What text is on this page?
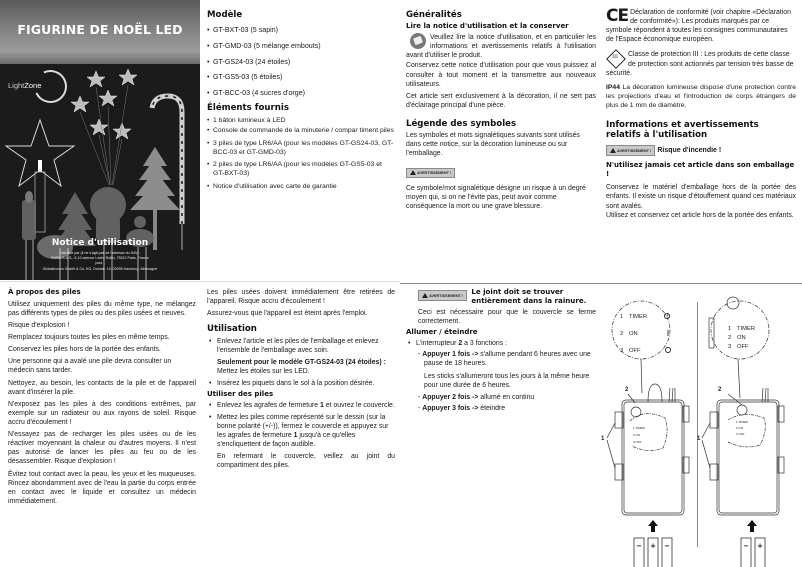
FIGURINE DE NOËL LED
LightZone
Notice d'utilisation
Distribué par (il ne s'agit pas de l'adresse du SAV) :
PMRA S.A.S., 8-10 avenue Ledru Rollin, 75012 Paris, France
pour :
Globaltronics GmbH & Co. KG, Domstr. 19, 20095 Hamburg, Allemagne
Modèle
• GT-BXT-03 (5 sapin)
• GT-GMD-03 (5 mélange embouts)
• GT-GS24-03 (24 étoiles)
• GT-GS5-03 (5 étoiles)
• GT-BCC-03 (4 sucres d'orge)
Éléments fournis
• 1 bâton lumineux à LED
• Console de commande de la minuterie / compar timent piles
• 3 piles de type LR6/AA (pour les modèles GT-GS24-03, GT-BCC-03 et GT-GMD-03)
• 2 piles de type LR6/AA (pour les modèles GT-GS5-03 et GT-BXT-03)
• Notice d'utilisation avec carte de garantie
Généralités
Lire la notice d'utilisation et la conserver

Veuillez lire la notice d'utilisation, et en particulier les informations et avertissements relatifs à l'utilisation avant d'utiliser le produit.

Conservez cette notice d'utilisation pour que vous puissiez al consulter à tout moment et la transmettre aux nouveaux utilisateurs.

Cet article sert exclusivement à la décoration, il ne sert pas d'éclairage principal d'une pièce.

Légende des symboles

Les symboles et mots signalétiques suivants sont utilisés dans cette notice, sur la décoration lumineuse ou sur l'emballage.

AVERTISSEMENT !

Ce symbole/mot signalétique désigne un risque à un degré moyen qui, si on ne l'évite pas, peut avoir comme conséquence la mort ou une grave blessure.

CE Déclaration de conformité (voir chapitre «Déclaration de conformité»): Les produits marqués par ce symbole répondent à toutes les consignes communautaires de l'Espace économique européen.

III	Classe de protection III : Les produits de cette classe de protection sont actionnés par tension très basse de sécurité.

IP44 La décoration lumineuse dispose d'une protection contre les projections d'eau et l'introduction de corps étrangers de plus de 1 mm de diamètre.

Informations et avertissements relatifs à l'utilisation
AVERTISSEMENT ! Risque d'incendie !
N'utilisez jamais cet article dans son emballage !

Conservez le matériel d'emballage hors de la portée des enfants. Il existe un risque d'étouffement quand ces matériaux sont avalés.

Utilisez et conservez cet article hors de la portée des enfants.

À propos des piles

Utilisez uniquement des piles du même type, ne mélangez pas différents types de piles ou des piles usées et neuves.

Risque d'explosion !

Remplacez toujours toutes les piles en même temps.

Conservez les piles hors de la portée des enfants.

Une personne qui a avalé une pile devra consulter un médecin sans tarder.

Nettoyez, au besoin, les contacts de la pile et de l'appareil avant d'insérer la pile.

N'exposez pas les piles à des conditions extrêmes, par exemple sur un radiateur ou aux rayons de soleil. Risque accru d'écoulement !

N'essayez pas de recharger les piles usées ou de les réactiver moyennant la chaleur ou d'autres moyens. Il n'est pas autorisé de lancer les piles au feu ou de les désassembler. Risque d'explosion !

Évitez tout contact avec la peau, les yeux et les muqueuses. Rincez abondamment avec de l'eau la partie du corps entrée en contact avec le liquide et consultez un médecin immédiatement.

Les piles usées doivent immédiatement être retirées de l'appareil. Risque accru d'écoulement !

Assurez-vous que l'appareil est éteint après l'emploi.

Utilisation
• Enlevez l'article et les piles de l'emballage et enlevez l'ensemble de l'emballage avec soin.
Seulement pour le modèle GT-GS24-03 (24 étoiles) : Mettez les étoiles sur les LED.
• Insérez les piquets dans le sol à la position désirée.
Utiliser des piles
• Enlevez les agrafes de fermeture 1 et ouvrez le couvercle.
• Mettez les piles comme représenté sur le dessin (sur la bonne polarité (+/-)), fermez le couvercle et appuyez sur les agrafes de fermeture 1 jusqu'à ce qu'elles s'encliquettent de façon audible.

En refermant le couvercle, veillez au joint du compartiment des piles.

AVERTISSEMENT !	Le joint doit se trouver entièrement dans la rainure.

Ceci est nécessaire pour que le couvercle se ferme correctement.

Allumer / éteindre
• L'interrupteur 2 a 3 fonctions :
- Appuyer 1 fois -> s'allume pendant 6 heures avec une pause de 18 heures.
Les sticks s'allumeront tous les jours à la même heure pour une durée de 6 heures.
- Appuyer 2 fois -> allumé en continu
- Appuyer 3 fois -> éteindre
1 TIMER
2 ON
3 OFF
2
1
1 TIMER
2 ON
3 OFF
− + −
1 TIMER
2 ON
3 OFF
2
1
1 TIMER
2 ON
3 OFF
− +
